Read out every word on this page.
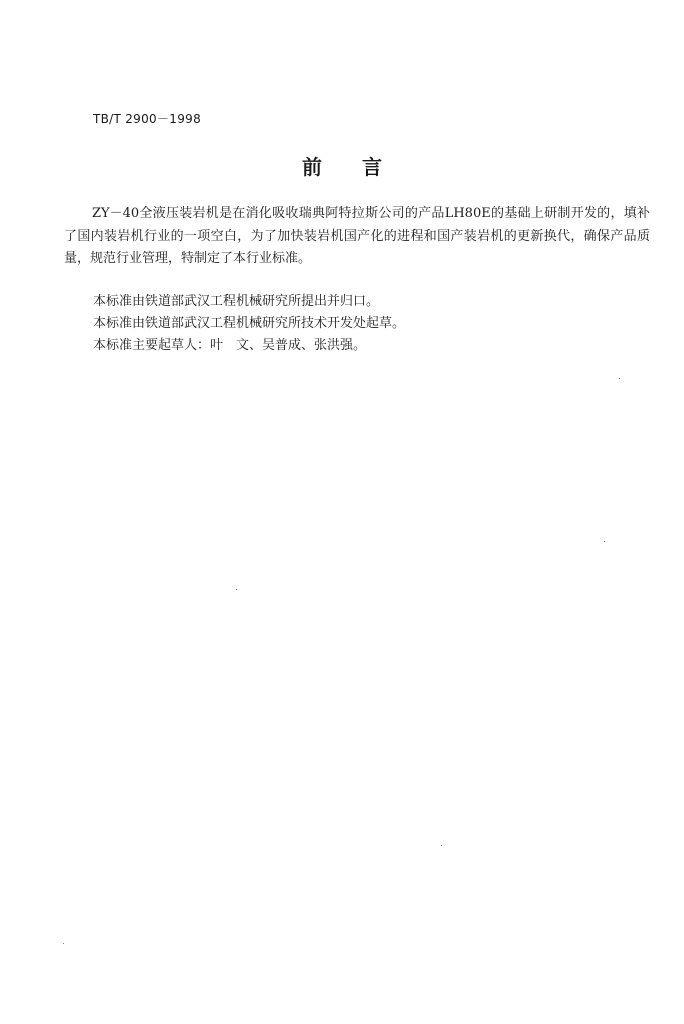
TB/T 2900－1998
前言
ZY－40全液压装岩机是在消化吸收瑞典阿特拉斯公司的产品LH80E的基础上研制开发的，填补了国内装岩机行业的一项空白，为了加快装岩机国产化的进程和国产装岩机的更新换代，确保产品质量，规范行业管理，特制定了本行业标准。
本标准由铁道部武汉工程机械研究所提出并归口。
本标准由铁道部武汉工程机械研究所技术开发处起草。
本标准主要起草人：叶　文、吴普成、张洪强。
